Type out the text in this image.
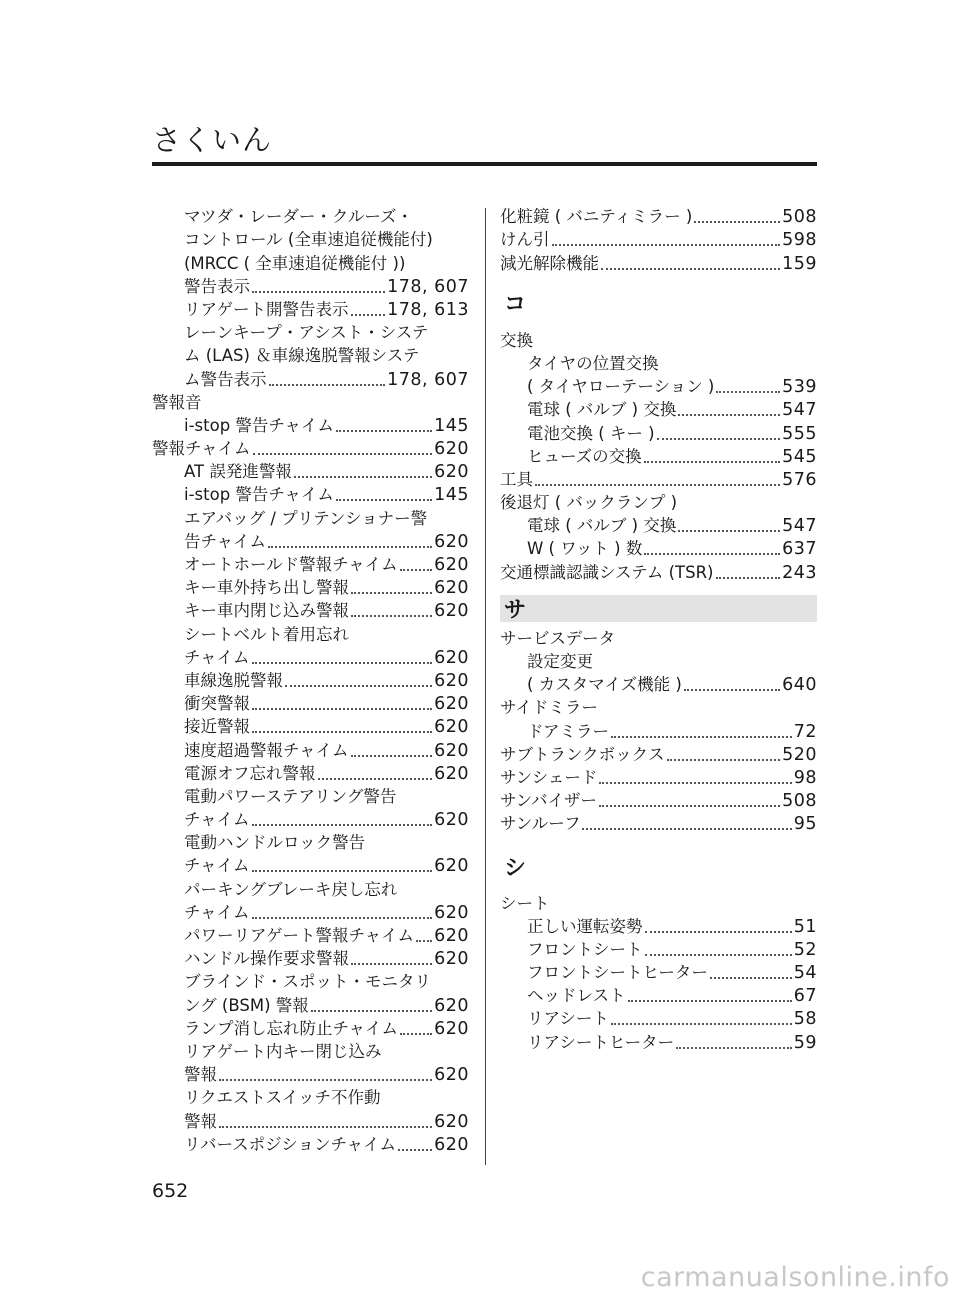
さくいん
マツダ・レーダー・クルーズ・
コントロール (全車速追従機能付)
(MRCC ( 全車速追従機能付 ))
警告表示	178, 607
リアゲート開警告表示 178, 613
レーンキープ・アシスト・システ
ム (LAS) ＆車線逸脱警報システ
ム警告表示	178, 607
警報音
i-stop 警告チャイム	145
警報チャイム	620
AT 誤発進警報	620
i-stop 警告チャイム	145
エアバッグ / プリテンショナー警
告チャイム	620
オートホールド警報チャイム 620
キー車外持ち出し警報	620
キー車内閉じ込み警報	620
シートベルト着用忘れ
チャイム	620
車線逸脱警報	620
衝突警報	620
接近警報	620
速度超過警報チャイム	620
電源オフ忘れ警報	620
電動パワーステアリング警告
チャイム	620
電動ハンドルロック警告
チャイム	620
パーキングブレーキ戻し忘れ
チャイム	620
パワーリアゲート警報チャイム 620
ハンドル操作要求警報	620
ブラインド・スポット・モニタリ
ング (BSM) 警報	620
ランプ消し忘れ防止チャイム 620
リアゲート内キー閉じ込み
警報	620
リクエストスイッチ不作動
警報	620
リバースポジションチャイム 620
化粧鏡 ( バニティミラー )	508
けん引	598
減光解除機能	159
コ
交換
タイヤの位置交換
( タイヤローテーション )	539
電球 ( バルブ ) 交換	547
電池交換 ( キー )	555
ヒューズの交換	545
工具	576
後退灯 ( バックランプ )
電球 ( バルブ ) 交換	547
W ( ワット ) 数	637
交通標識認識システム (TSR)	243
サ
サービスデータ
設定変更
( カスタマイズ機能 )	640
サイドミラー
ドアミラー	72
サブトランクボックス	520
サンシェード	98
サンバイザー	508
サンルーフ	95
シ
シート
正しい運転姿勢	51
フロントシート	52
フロントシートヒーター	54
ヘッドレスト	67
リアシート	58
リアシートヒーター	59
652
carmanualsonline.info
